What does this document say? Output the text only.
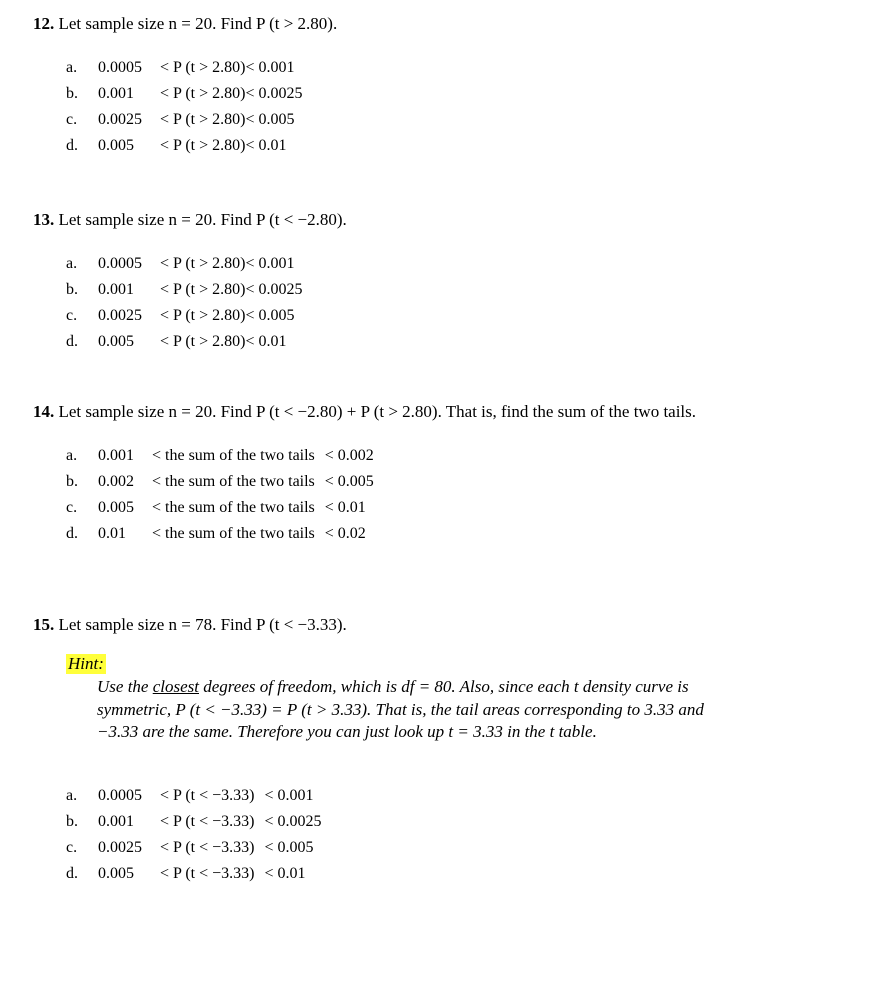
12. Let sample size n = 20. Find P (t > 2.80).
a.	0.0005	< P (t > 2.80) < 0.001
b.	0.001	< P (t > 2.80) < 0.0025
c.	0.0025	< P (t > 2.80) < 0.005
d.	0.005	< P (t > 2.80) < 0.01
13. Let sample size n = 20. Find P (t < −2.80).
a.	0.0005	< P (t > 2.80) < 0.001
b.	0.001	< P (t > 2.80) < 0.0025
c.	0.0025	< P (t > 2.80) < 0.005
d.	0.005	< P (t > 2.80) < 0.01
14. Let sample size n = 20. Find P (t < −2.80) + P (t > 2.80). That is, find the sum of the two tails.
a.	0.001	< the sum of the two tails < 0.002
b.	0.002	< the sum of the two tails < 0.005
c.	0.005	< the sum of the two tails < 0.01
d.	0.01	< the sum of the two tails < 0.02
15. Let sample size n = 78. Find P (t < −3.33).
Hint:
Use the closest degrees of freedom, which is df = 80. Also, since each t density curve is
symmetric, P (t < −3.33) = P (t > 3.33). That is, the tail areas corresponding to 3.33 and
−3.33 are the same. Therefore you can just look up t = 3.33 in the t table.
a.	0.0005	< P (t < −3.33) < 0.001
b.	0.001	< P (t < −3.33) < 0.0025
c.	0.0025	< P (t < −3.33) < 0.005
d.	0.005	< P (t < −3.33) < 0.01
